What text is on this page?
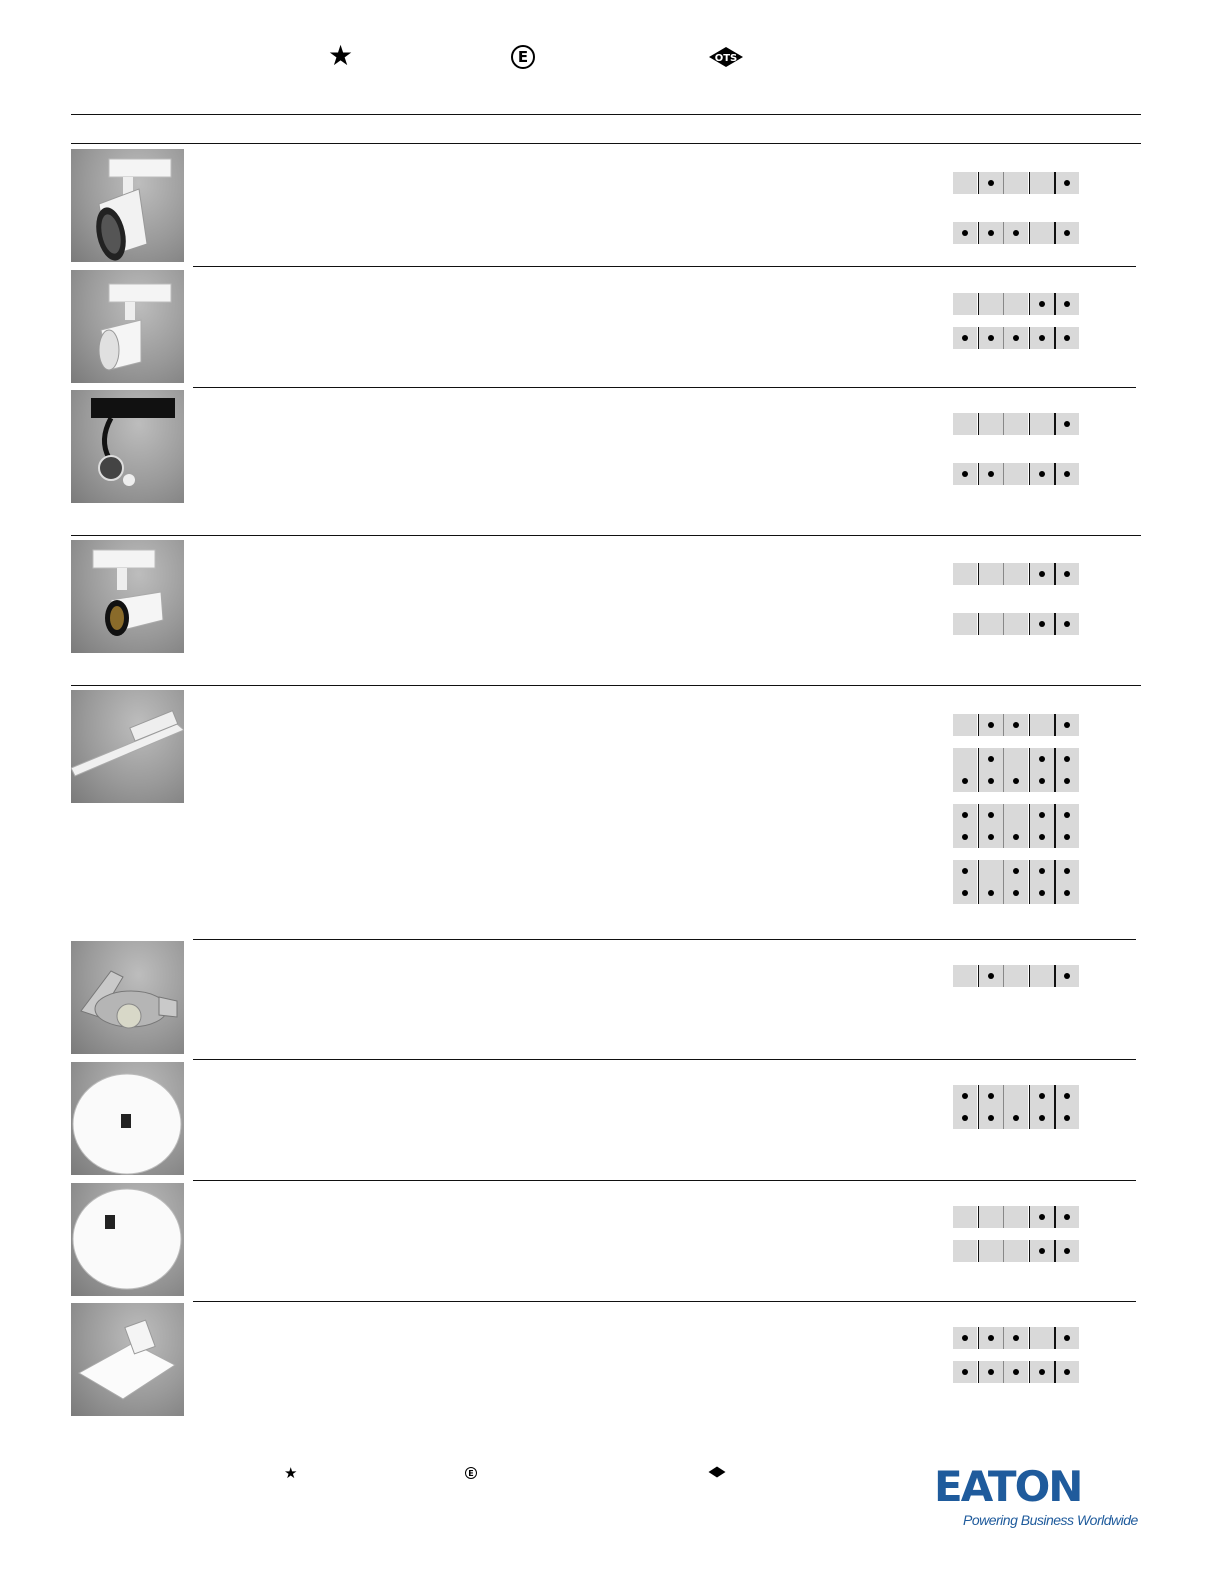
★	E	OTS
★	E	EATON
Powering Business Worldwide
